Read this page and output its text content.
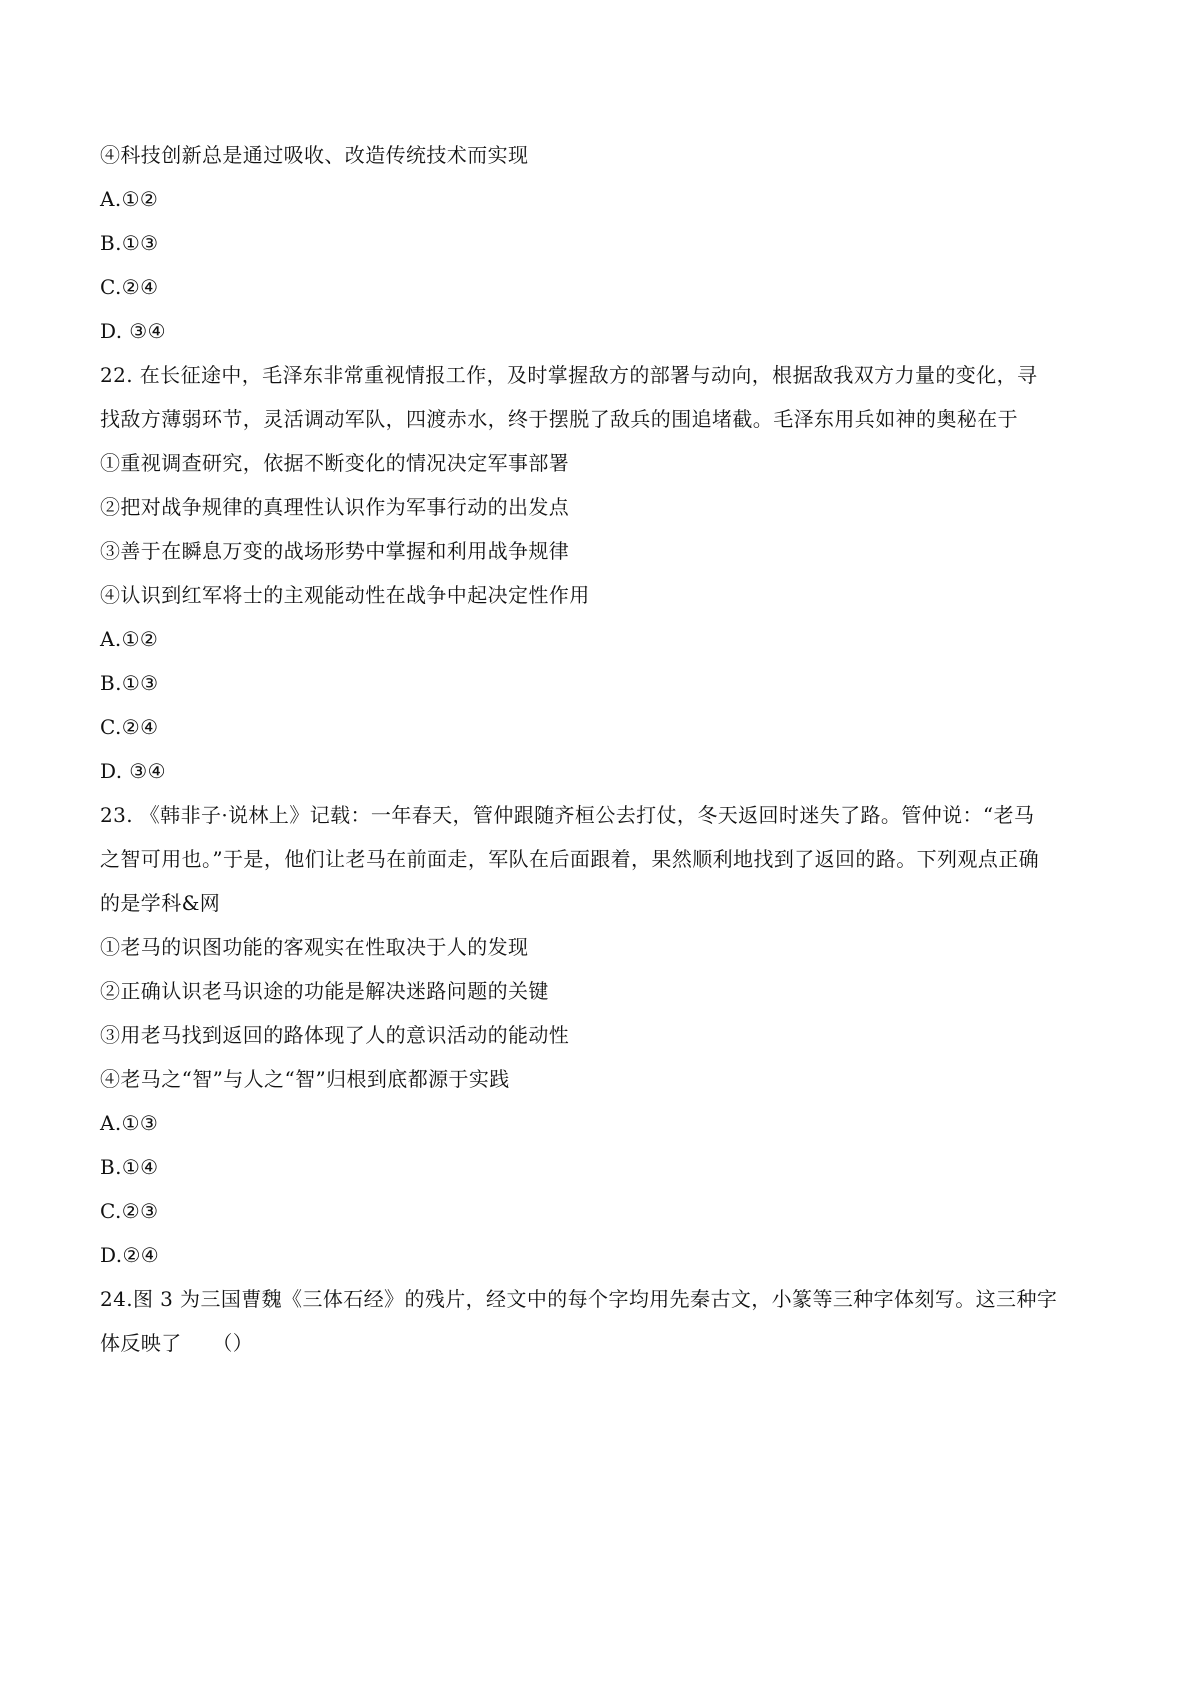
④科技创新总是通过吸收、改造传统技术而实现
A.①②
B.①③
C.②④
D. ③④
22. 在长征途中，毛泽东非常重视情报工作，及时掌握敌方的部署与动向，根据敌我双方力量的变化，寻
找敌方薄弱环节，灵活调动军队，四渡赤水，终于摆脱了敌兵的围追堵截。毛泽东用兵如神的奥秘在于
①重视调查研究，依据不断变化的情况决定军事部署
②把对战争规律的真理性认识作为军事行动的出发点
③善于在瞬息万变的战场形势中掌握和利用战争规律
④认识到红军将士的主观能动性在战争中起决定性作用
A.①②
B.①③
C.②④
D. ③④
23. 《韩非子·说林上》记载：一年春天，管仲跟随齐桓公去打仗，冬天返回时迷失了路。管仲说：“老马
之智可用也。”于是，他们让老马在前面走，军队在后面跟着，果然顺利地找到了返回的路。下列观点正确
的是学科&网
①老马的识图功能的客观实在性取决于人的发现
②正确认识老马识途的功能是解决迷路问题的关键
③用老马找到返回的路体现了人的意识活动的能动性
④老马之“智”与人之“智”归根到底都源于实践
A.①③
B.①④
C.②③
D.②④
24.图 3 为三国曹魏《三体石经》的残片，经文中的每个字均用先秦古文，小篆等三种字体刻写。这三种字
体反映了　　（）
